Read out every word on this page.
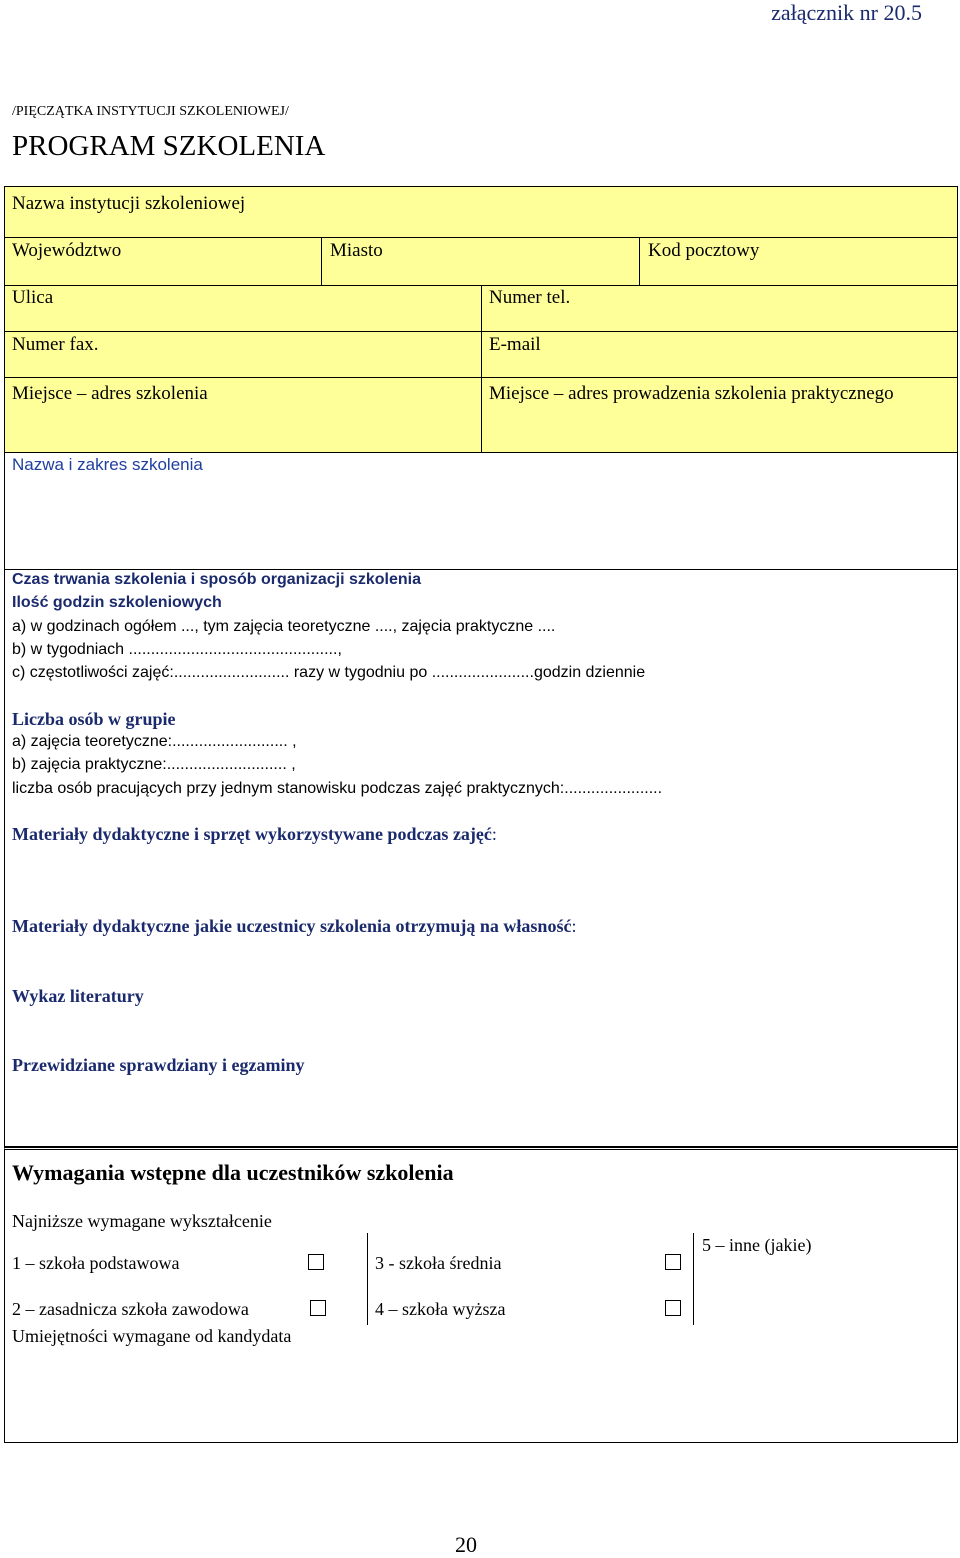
załącznik nr 20.5
/PIĘCZĄTKA INSTYTUCJI SZKOLENIOWEJ/
PROGRAM SZKOLENIA
Nazwa instytucji szkoleniowej
Województwo	Miasto	Kod pocztowy
Ulica	Numer tel.
Numer fax.	E-mail
Miejsce – adres szkolenia	Miejsce – adres prowadzenia szkolenia praktycznego
Nazwa i zakres szkolenia
Czas trwania szkolenia i sposób organizacji szkolenia
Ilość godzin szkoleniowych
a) w godzinach ogółem ..., tym zajęcia teoretyczne ...., zajęcia praktyczne ....
b) w tygodniach ...............................................,
c) częstotliwości zajęć:.......................... razy w tygodniu po .......................godzin dziennie
Liczba osób w grupie
a) zajęcia teoretyczne:.......................... ,
b) zajęcia praktyczne:........................... ,
liczba osób pracujących przy jednym stanowisku podczas zajęć praktycznych:......................
Materiały dydaktyczne i sprzęt wykorzystywane podczas zajęć:
Materiały dydaktyczne jakie uczestnicy szkolenia otrzymują na własność:
Wykaz literatury
Przewidziane sprawdziany i egzaminy
Wymagania wstępne dla uczestników szkolenia
Najniższe wymagane wykształcenie
1 – szkoła podstawowa	3 - szkoła średnia
5 – inne (jakie)
2 – zasadnicza szkoła zawodowa	4 – szkoła wyższa
Umiejętności wymagane od kandydata
20
